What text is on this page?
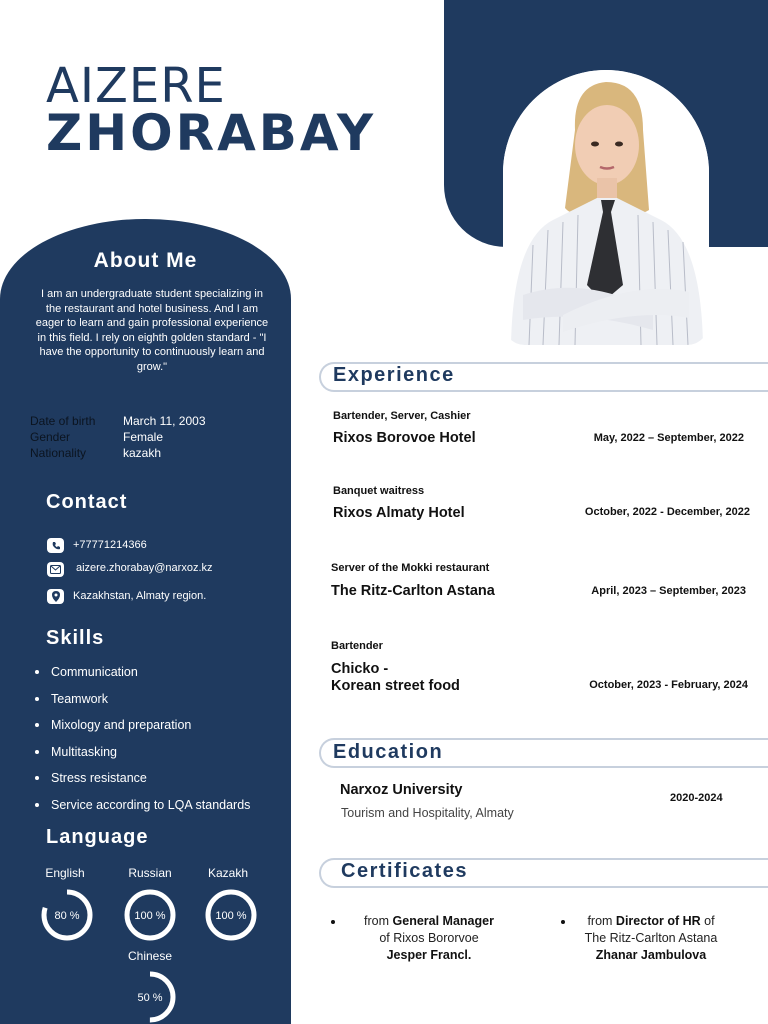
AIZERE
ZHORABAY
About Me
I am an undergraduate student specializing in the restaurant and hotel business. And I am eager to learn and gain professional experience in this field. I rely on eighth golden standard - "I have the opportunity to continuously learn and grow."
Date of birth March 11, 2003
Gender	Female
Nationality	kazakh
Contact
+77771214366
aizere.zhorabay@narxoz.kz
Kazakhstan, Almaty region.
Skills
Communication
Teamwork
Mixology and preparation
Multitasking
Stress resistance
Service according to LQA standards
Language
English	Russian	Kazakh
Chinese
80 %	100 %	100 %
50 %
Experience
Bartender, Server, Cashier
Rixos Borovoe Hotel	May, 2022 – September, 2022
Banquet waitress
Rixos Almaty Hotel	October, 2022 - December, 2022
Server of the Mokki restaurant
The Ritz-Carlton Astana	April, 2023 – September, 2023
Bartender
Chicko -
Korean street food	October, 2023 - February, 2024
Education
Narxoz University
Tourism and Hospitality, Almaty
2020-2024
Certificates
from General Manager
of Rixos Bororvoe
Jesper Francl.
from Director of HR of
The Ritz-Carlton Astana
Zhanar Jambulova
